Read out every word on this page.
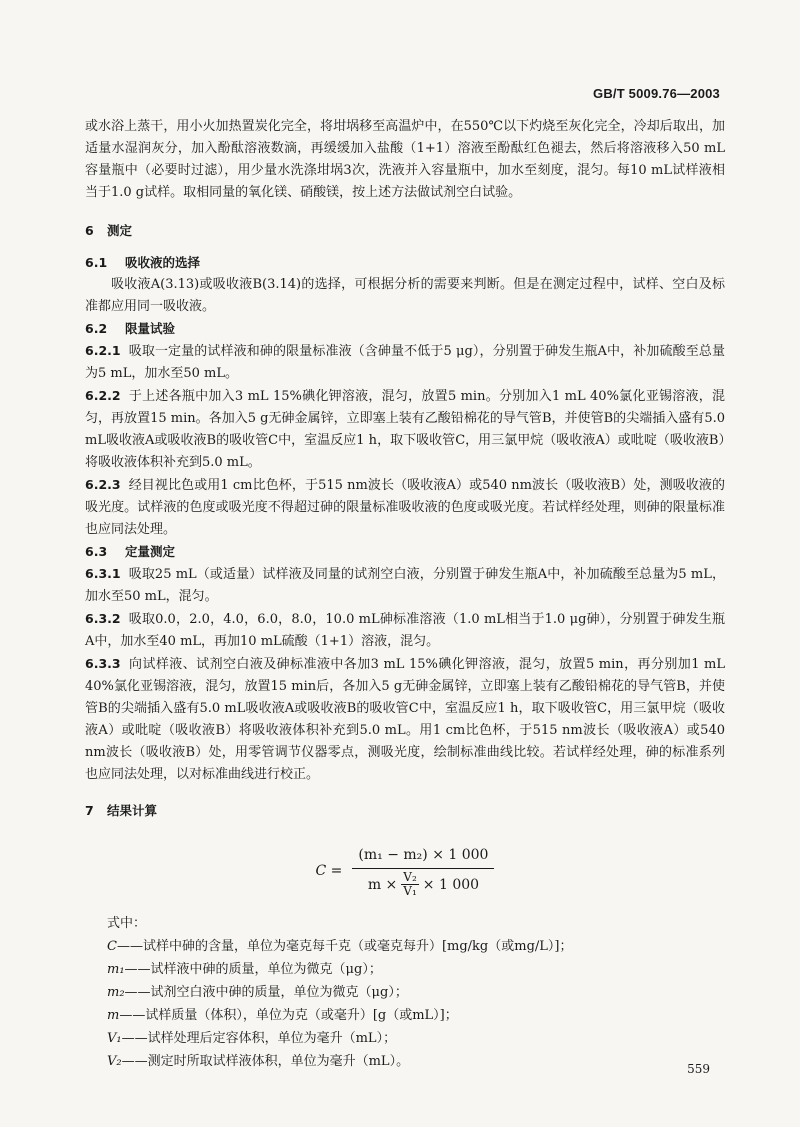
GB/T 5009.76—2003

或水浴上蒸干，用小火加热置炭化完全，将坩埚移至高温炉中，在550℃以下灼烧至灰化完全，冷却后取出，加适量水湿润灰分，加入酚酞溶液数滴，再缓缓加入盐酸（1+1）溶液至酚酞红色褪去，然后将溶液移入50 mL容量瓶中（必要时过滤），用少量水洗涤坩埚3次，洗液并入容量瓶中，加水至刻度，混匀。每10 mL试样液相当于1.0 g试样。取相同量的氧化镁、硝酸镁，按上述方法做试剂空白试验。

6 测定

6.1 吸收液的选择

吸收液A(3.13)或吸收液B(3.14)的选择，可根据分析的需要来判断。但是在测定过程中，试样、空白及标准都应用同一吸收液。

6.2 限量试验

6.2.1 吸取一定量的试样液和砷的限量标准液（含砷量不低于5 μg），分别置于砷发生瓶A中，补加硫酸至总量为5 mL，加水至50 mL。

6.2.2 于上述各瓶中加入3 mL 15%碘化钾溶液，混匀，放置5 min。分别加入1 mL 40%氯化亚锡溶液，混匀，再放置15 min。各加入5 g无砷金属锌，立即塞上装有乙酸铅棉花的导气管B，并使管B的尖端插入盛有5.0 mL吸收液A或吸收液B的吸收管C中，室温反应1 h，取下吸收管C，用三氯甲烷（吸收液A）或吡啶（吸收液B）将吸收液体积补充到5.0 mL。

6.2.3 经目视比色或用1 cm比色杯，于515 nm波长（吸收液A）或540 nm波长（吸收液B）处，测吸收液的吸光度。试样液的色度或吸光度不得超过砷的限量标准吸收液的色度或吸光度。若试样经处理，则砷的限量标准也应同法处理。

6.3 定量测定

6.3.1 吸取25 mL（或适量）试样液及同量的试剂空白液，分别置于砷发生瓶A中，补加硫酸至总量为5 mL，加水至50 mL，混匀。

6.3.2 吸取0.0，2.0，4.0，6.0，8.0，10.0 mL砷标准溶液（1.0 mL相当于1.0 μg砷），分别置于砷发生瓶A中，加水至40 mL，再加10 mL硫酸（1+1）溶液，混匀。

6.3.3 向试样液、试剂空白液及砷标准液中各加3 mL 15%碘化钾溶液，混匀，放置5 min，再分别加1 mL 40%氯化亚锡溶液，混匀，放置15 min后，各加入5 g无砷金属锌，立即塞上装有乙酸铅棉花的导气管B，并使管B的尖端插入盛有5.0 mL吸收液A或吸收液B的吸收管C中，室温反应1 h，取下吸收管C，用三氯甲烷（吸收液A）或吡啶（吸收液B）将吸收液体积补充到5.0 mL。用1 cm比色杯，于515 nm波长（吸收液A）或540 nm波长（吸收液B）处，用零管调节仪器零点，测吸光度，绘制标准曲线比较。若试样经处理，砷的标准系列也应同法处理，以对标准曲线进行校正。

7 结果计算

C =
(m₁ − m₂) × 1 000
$m \times \frac{\text{V₂}}{\text{V₁}} \times 1$ 000

式中：

C——试样中砷的含量，单位为毫克每千克（或毫克每升）[mg/kg（或mg/L）]；

m₁——试样液中砷的质量，单位为微克（μg）；

m₂——试剂空白液中砷的质量，单位为微克（μg）；

m——试样质量（体积），单位为克（或毫升）[g（或mL）]；

V₁——试样处理后定容体积，单位为毫升（mL）；

V₂——测定时所取试样液体积，单位为毫升（mL）。	559
